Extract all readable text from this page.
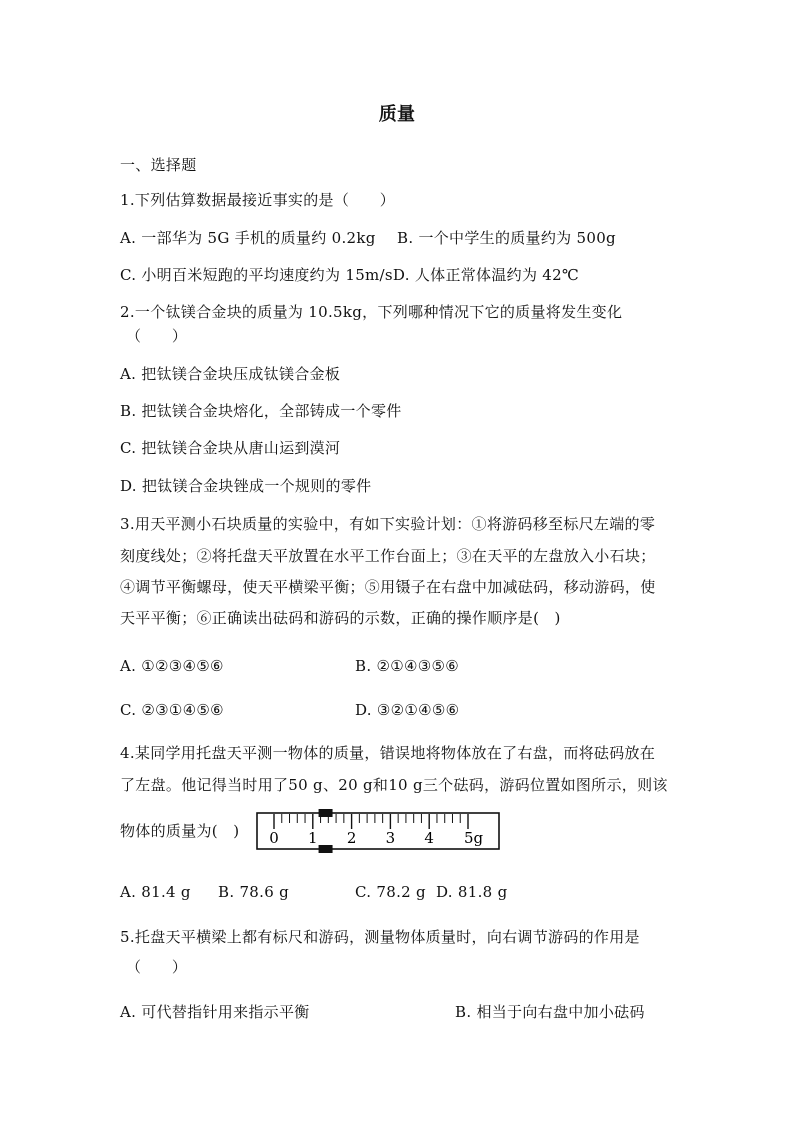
质量
一、选择题
1.下列估算数据最接近事实的是（　　）
A. 一部华为 5G 手机的质量约 0.2kg B. 一个中学生的质量约为 500g
C. 小明百米短跑的平均速度约为 15m/sD. 人体正常体温约为 42℃
2.一个钛镁合金块的质量为 10.5kg，下列哪种情况下它的质量将发生变化
（　　）
A. 把钛镁合金块压成钛镁合金板
B. 把钛镁合金块熔化，全部铸成一个零件
C. 把钛镁合金块从唐山运到漠河
D. 把钛镁合金块锉成一个规则的零件
3.用天平测小石块质量的实验中，有如下实验计划：①将游码移至标尺左端的零
刻度线处；②将托盘天平放置在水平工作台面上；③在天平的左盘放入小石块；
④调节平衡螺母，使天平横梁平衡；⑤用镊子在右盘中加减砝码，移动游码，使
天平平衡；⑥正确读出砝码和游码的示数，正确的操作顺序是(　)
A. ①②③④⑤⑥	B. ②①④③⑤⑥
C. ②③①④⑤⑥	D. ③②①④⑤⑥
4.某同学用托盘天平测一物体的质量，错误地将物体放在了右盘，而将砝码放在
了左盘。他记得当时用了50 g、20 g和10 g三个砝码，游码位置如图所示，则该
物体的质量为(　) 0 1 2 3 4 5g
A. 81.4 g B. 78.6 g	C. 78.2 g D. 81.8 g
5.托盘天平横梁上都有标尺和游码，测量物体质量时，向右调节游码的作用是
（　　）
A. 可代替指针用来指示平衡	B. 相当于向右盘中加小砝码
